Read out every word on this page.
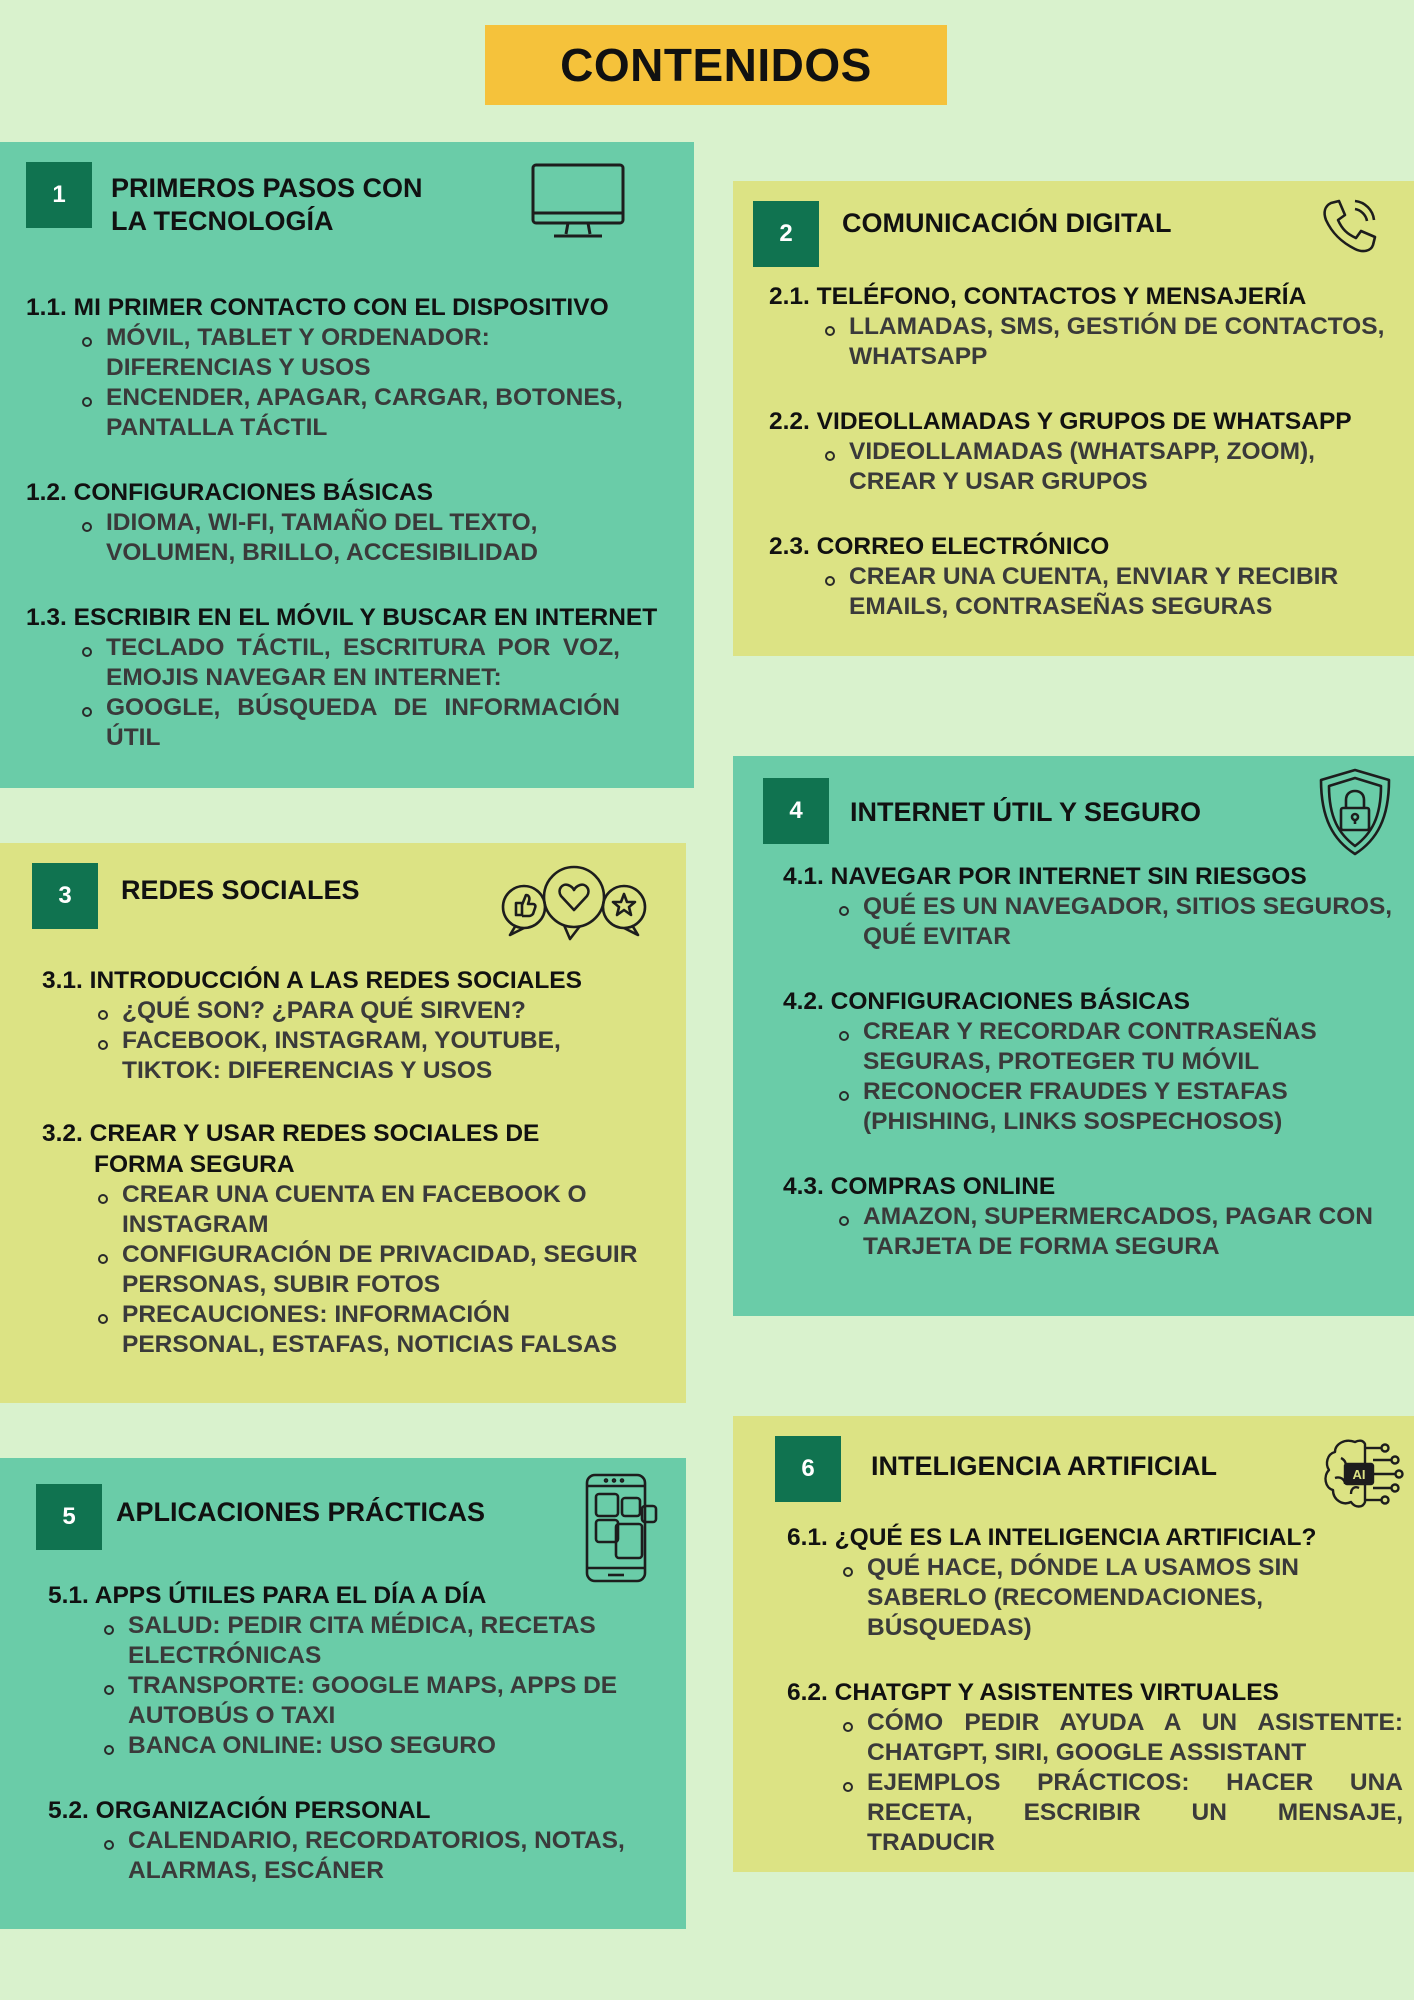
CONTENIDOS
1	PRIMEROS PASOS CON
LA TECNOLOGÍA
1.1. MI PRIMER CONTACTO CON EL DISPOSITIVO
MÓVIL, TABLET Y ORDENADOR: DIFERENCIAS Y USOS
ENCENDER, APAGAR, CARGAR, BOTONES, PANTALLA TÁCTIL
1.2. CONFIGURACIONES BÁSICAS
IDIOMA, WI-FI, TAMAÑO DEL TEXTO, VOLUMEN, BRILLO, ACCESIBILIDAD
1.3. ESCRIBIR EN EL MÓVIL Y BUSCAR EN INTERNET
TECLADO TÁCTIL, ESCRITURA POR VOZ, EMOJIS NAVEGAR EN INTERNET:
GOOGLE, BÚSQUEDA DE INFORMACIÓN ÚTIL
2	COMUNICACIÓN DIGITAL
2.1. TELÉFONO, CONTACTOS Y MENSAJERÍA
LLAMADAS, SMS, GESTIÓN DE CONTACTOS, WHATSAPP
2.2. VIDEOLLAMADAS Y GRUPOS DE WHATSAPP
VIDEOLLAMADAS (WHATSAPP, ZOOM), CREAR Y USAR GRUPOS
2.3. CORREO ELECTRÓNICO
CREAR UNA CUENTA, ENVIAR Y RECIBIR EMAILS, CONTRASEÑAS SEGURAS
3	REDES SOCIALES
3.1. INTRODUCCIÓN A LAS REDES SOCIALES
¿QUÉ SON? ¿PARA QUÉ SIRVEN?
FACEBOOK, INSTAGRAM, YOUTUBE, TIKTOK: DIFERENCIAS Y USOS
3.2. CREAR Y USAR REDES SOCIALES DE FORMA SEGURA
CREAR UNA CUENTA EN FACEBOOK O INSTAGRAM
CONFIGURACIÓN DE PRIVACIDAD, SEGUIR PERSONAS, SUBIR FOTOS
PRECAUCIONES: INFORMACIÓN PERSONAL, ESTAFAS, NOTICIAS FALSAS
4	INTERNET ÚTIL Y SEGURO
4.1. NAVEGAR POR INTERNET SIN RIESGOS
QUÉ ES UN NAVEGADOR, SITIOS SEGUROS, QUÉ EVITAR
4.2. CONFIGURACIONES BÁSICAS
CREAR Y RECORDAR CONTRASEÑAS SEGURAS, PROTEGER TU MÓVIL
RECONOCER FRAUDES Y ESTAFAS (PHISHING, LINKS SOSPECHOSOS)
4.3. COMPRAS ONLINE
AMAZON, SUPERMERCADOS, PAGAR CON TARJETA DE FORMA SEGURA
5	APLICACIONES PRÁCTICAS
5.1. APPS ÚTILES PARA EL DÍA A DÍA
SALUD: PEDIR CITA MÉDICA, RECETAS ELECTRÓNICAS
TRANSPORTE: GOOGLE MAPS, APPS DE AUTOBÚS O TAXI
BANCA ONLINE: USO SEGURO
5.2. ORGANIZACIÓN PERSONAL
CALENDARIO, RECORDATORIOS, NOTAS, ALARMAS, ESCÁNER
6	INTELIGENCIA ARTIFICIAL	AI
6.1. ¿QUÉ ES LA INTELIGENCIA ARTIFICIAL?
QUÉ HACE, DÓNDE LA USAMOS SIN SABERLO (RECOMENDACIONES, BÚSQUEDAS)
6.2. CHATGPT Y ASISTENTES VIRTUALES
CÓMO PEDIR AYUDA A UN ASISTENTE: CHATGPT, SIRI, GOOGLE ASSISTANT
EJEMPLOS PRÁCTICOS: HACER UNA RECETA, ESCRIBIR UN MENSAJE, TRADUCIR
